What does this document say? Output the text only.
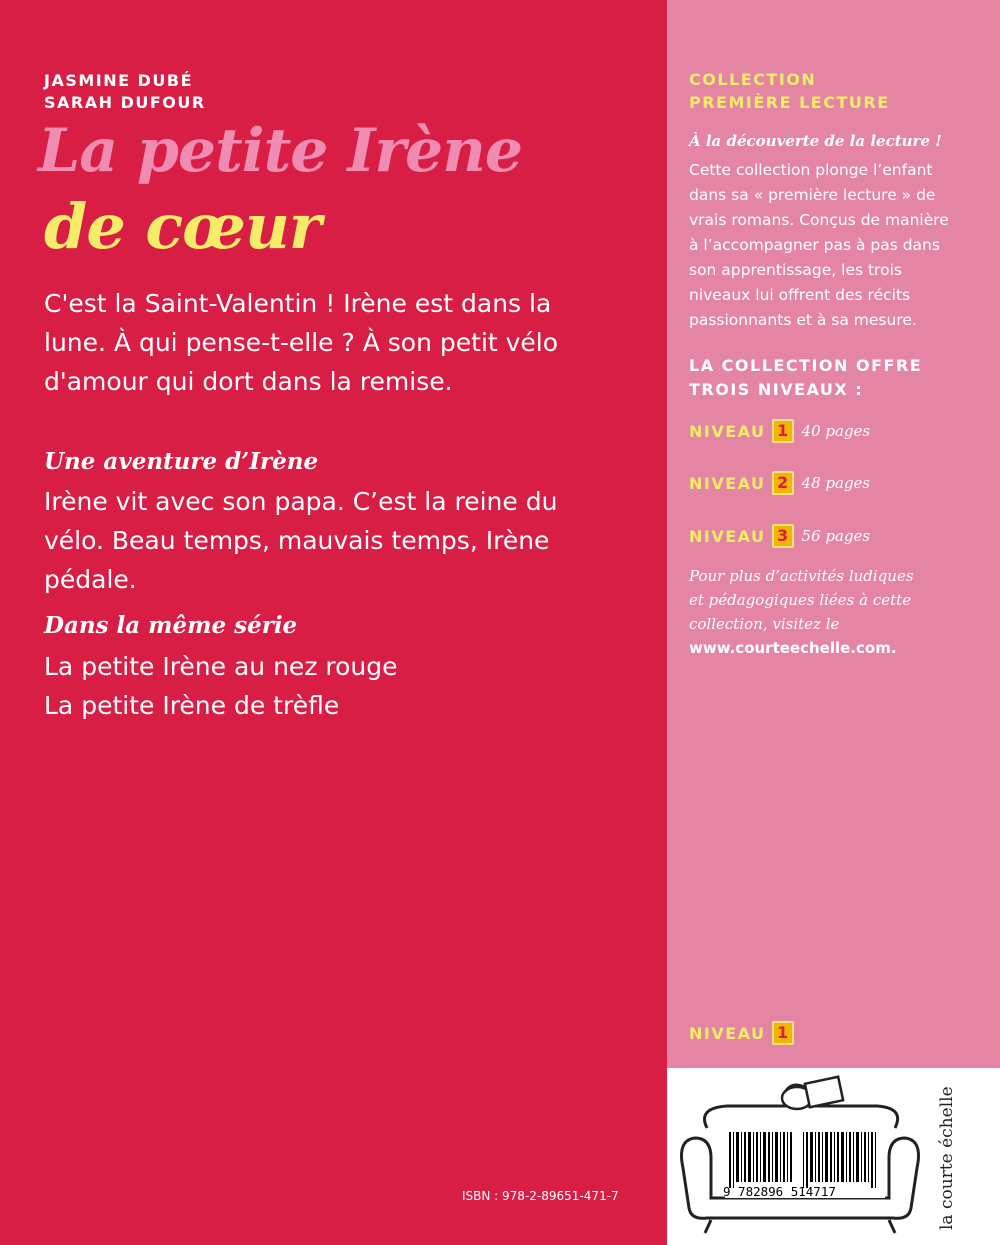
JASMINE DUBÉ
SARAH DUFOUR
La petite Irène
de cœur
C'est la Saint-Valentin ! Irène est dans la
lune. À qui pense-t-elle ? À son petit vélo
d'amour qui dort dans la remise.
Une aventure d’Irène
Irène vit avec son papa. C’est la reine du
vélo. Beau temps, mauvais temps, Irène
pédale.
Dans la même série
La petite Irène au nez rouge
La petite Irène de trèfle
ISBN : 978-2-89651-471-7
COLLECTION
PREMIÈRE LECTURE
À la découverte de la lecture !
Cette collection plonge l’enfant
dans sa « première lecture » de
vrais romans. Conçus de manière
à l’accompagner pas à pas dans
son apprentissage, les trois
niveaux lui offrent des récits
passionnants et à sa mesure.
LA COLLECTION OFFRE
TROIS NIVEAUX :
NIVEAU 1 40 pages
NIVEAU 2 48 pages
NIVEAU 3 56 pages
Pour plus d’activités ludiques
et pédagogiques liées à cette
collection, visitez le
www.courteechelle.com.
NIVEAU 1
9 782896 514717	la courte échelle
